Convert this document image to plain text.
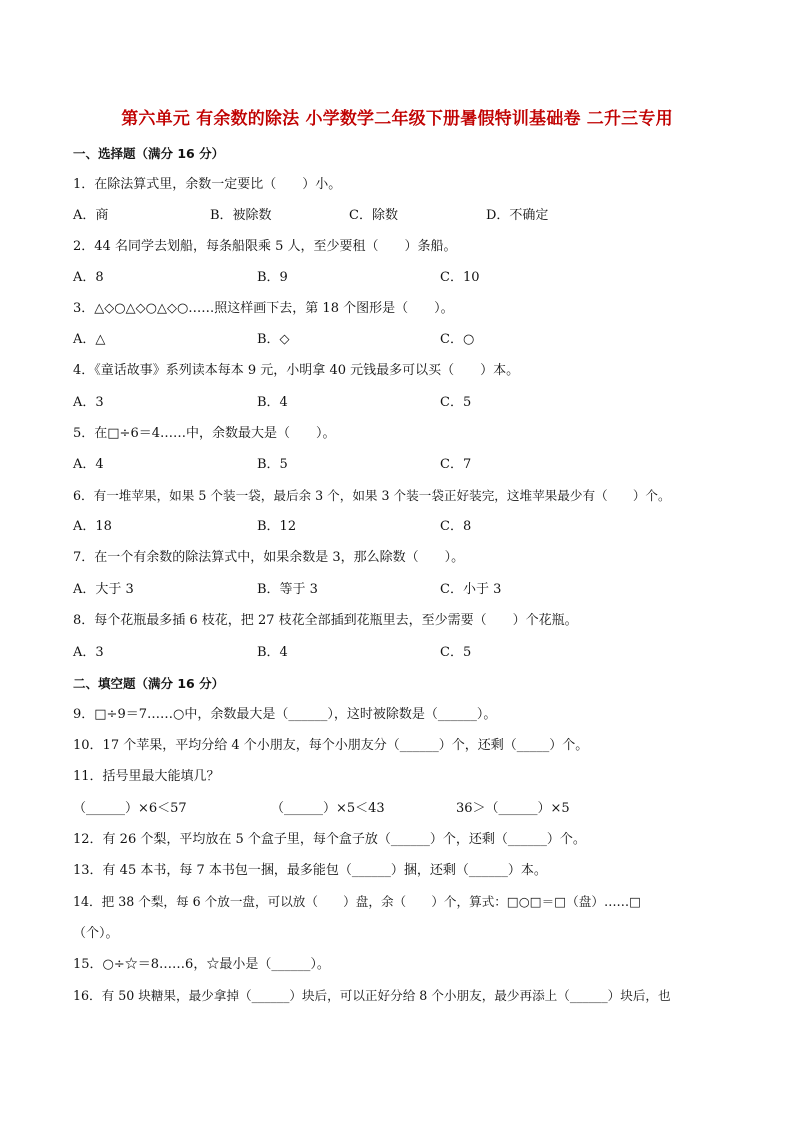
第六单元 有余数的除法 小学数学二年级下册暑假特训基础卷 二升三专用
一、选择题（满分 16 分）
1．在除法算式里，余数一定要比（　　）小。
A．商	B．被除数	C．除数	D．不确定
2．44 名同学去划船，每条船限乘 5 人，至少要租（　　）条船。
A．8	B．9	C．10
3．△◇○△◇○△◇○……照这样画下去，第 18 个图形是（　　）。
A．△	B．◇	C．○
4．《童话故事》系列读本每本 9 元，小明拿 40 元钱最多可以买（　　）本。
A．3	B．4	C．5
5．在□÷6＝4……中，余数最大是（　　）。
A．4	B．5	C．7
6．有一堆苹果，如果 5 个装一袋，最后余 3 个，如果 3 个装一袋正好装完，这堆苹果最少有（　　）个。
A．18	B．12	C．8
7．在一个有余数的除法算式中，如果余数是 3，那么除数（　　）。
A．大于 3	B．等于 3	C．小于 3
8．每个花瓶最多插 6 枝花，把 27 枝花全部插到花瓶里去，至少需要（　　）个花瓶。
A．3	B．4	C．5
二、填空题（满分 16 分）
9．□÷9＝7……○中，余数最大是（______），这时被除数是（______）。
10．17 个苹果，平均分给 4 个小朋友，每个小朋友分（______）个，还剩（_____）个。
11．括号里最大能填几？
（______）×6＜57	（______）×5＜43	36＞（______）×5
12．有 26 个梨，平均放在 5 个盒子里，每个盒子放（______）个，还剩（______）个。
13．有 45 本书，每 7 本书包一捆，最多能包（______）捆，还剩（______）本。
14．把 38 个梨，每 6 个放一盘，可以放（　　）盘，余（　　）个，算式：□○□＝□（盘）……□
（个）。
15．○÷☆＝8……6，☆最小是（______）。
16．有 50 块糖果，最少拿掉（______）块后，可以正好分给 8 个小朋友，最少再添上（______）块后，也
